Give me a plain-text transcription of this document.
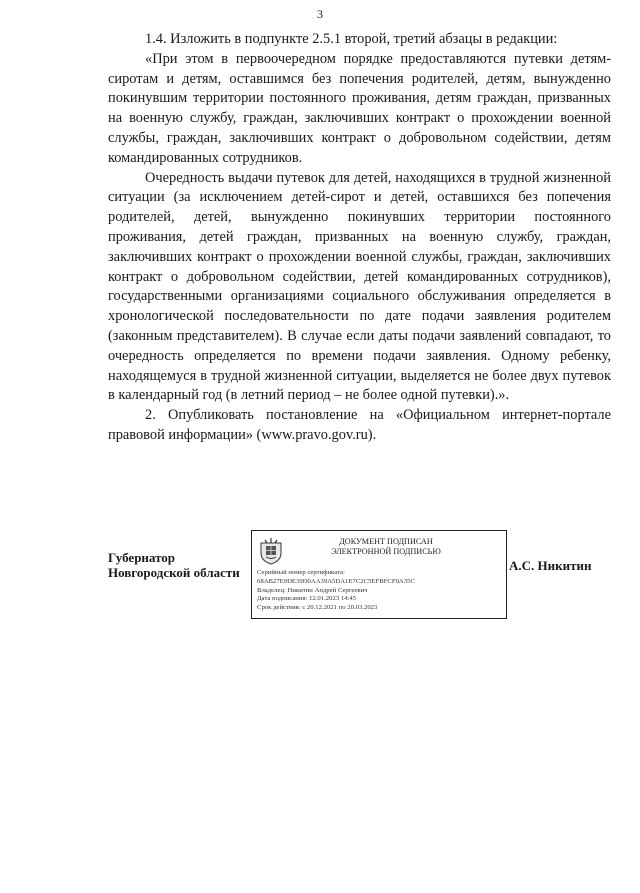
3

1.4. Изложить в подпункте 2.5.1 второй, третий абзацы в редакции:

«При этом в первоочередном порядке предоставляются путевки детям-сиротам и детям, оставшимся без попечения родителей, детям, вынужденно покинувшим территории постоянного проживания, детям граждан, призванных на военную службу, граждан, заключивших контракт о прохождении военной службы, граждан, заключивших контракт о добровольном содействии, детям командированных сотрудников.

Очередность выдачи путевок для детей, находящихся в трудной жизненной ситуации (за исключением детей-сирот и детей, оставшихся без попечения родителей, детей, вынужденно покинувших территории постоянного проживания, детей граждан, призванных на военную службу, граждан, заключивших контракт о прохождении военной службы, граждан, заключивших контракт о добровольном содействии, детей командированных сотрудников), государственными организациями социального обслуживания определяется в хронологической последовательности по дате подачи заявления родителем (законным представителем). В случае если даты подачи заявлений совпадают, то очередность определяется по времени подачи заявления. Одному ребенку, находящемуся в трудной жизненной ситуации, выделяется не более двух путевок в календарный год (в летний период – не более одной путевки).».

2. Опубликовать постановление на «Официальном интернет-портале правовой информации» (www.pravo.gov.ru).

Губернатор
Новгородской области
ДОКУМЕНТ ПОДПИСАН
ЭЛЕКТРОННОЙ ПОДПИСЬЮ
Серийный номер сертификата:
68AB27E9DE39D0AA39A5DA1E7C2C5EFBFCF0A35C
Владелец: Никитин Андрей Сергеевич
Дата подписания: 12.01.2023 14:45
Срок действия: с 20.12.2021 по 20.03.2023
А.С. Никитин
